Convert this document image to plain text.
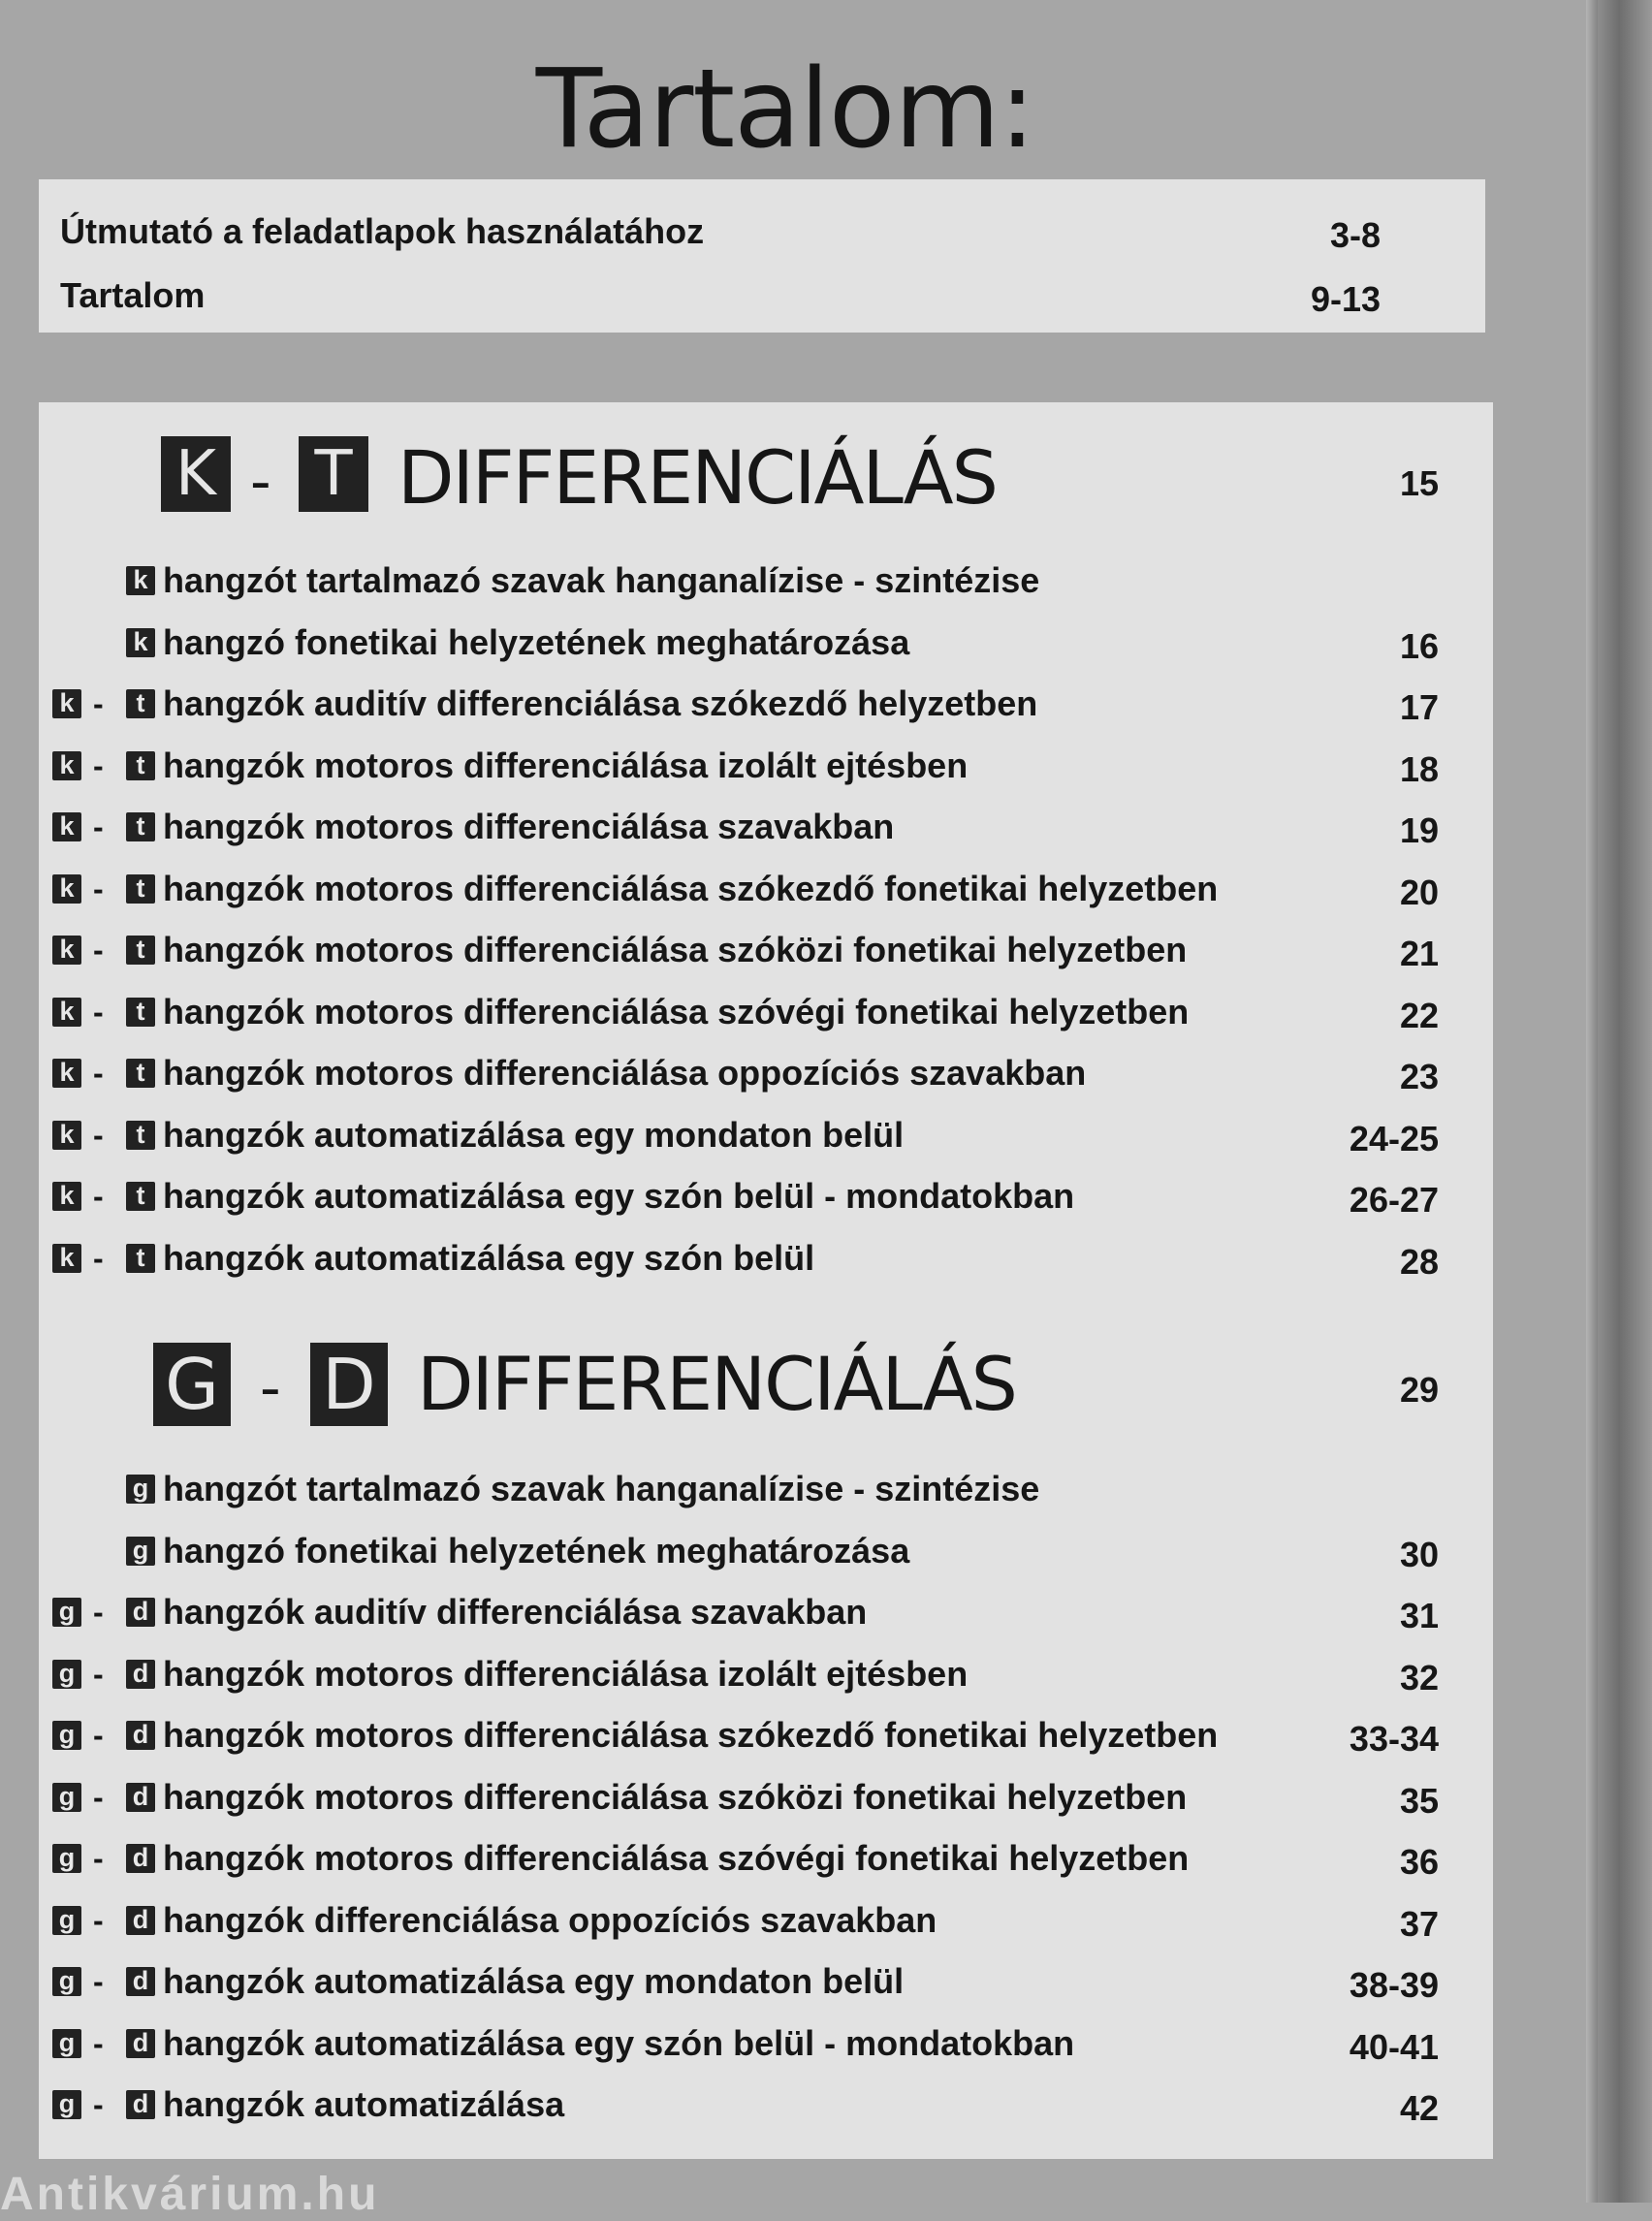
Tartalom:
Útmutató a feladatlapok használatához	3-8
Tartalom	9-13
K - T DIFFERENCIÁLÁS	15
k hangzót tartalmazó szavak hanganalízise - szintézise
k hangzó fonetikai helyzetének meghatározása	16
k -	t hangzók auditív differenciálása szókezdő helyzetben	17
k -	t hangzók motoros differenciálása izolált ejtésben	18
k -	t hangzók motoros differenciálása szavakban	19
k -	t hangzók motoros differenciálása szókezdő fonetikai helyzetben	20
k -	t hangzók motoros differenciálása szóközi fonetikai helyzetben	21
k -	t hangzók motoros differenciálása szóvégi fonetikai helyzetben	22
k -	t hangzók motoros differenciálása oppozíciós szavakban	23
k -	t hangzók automatizálása egy mondaton belül	24-25
k -	t hangzók automatizálása egy szón belül - mondatokban	26-27
k -	t hangzók automatizálása egy szón belül	28
G - D DIFFERENCIÁLÁS	29
g hangzót tartalmazó szavak hanganalízise - szintézise
g hangzó fonetikai helyzetének meghatározása	30
g - d hangzók auditív differenciálása szavakban	31
g - d hangzók motoros differenciálása izolált ejtésben	32
g - d hangzók motoros differenciálása szókezdő fonetikai helyzetben	33-34
g - d hangzók motoros differenciálása szóközi fonetikai helyzetben	35
g - d hangzók motoros differenciálása szóvégi fonetikai helyzetben	36
g - d hangzók differenciálása oppozíciós szavakban	37
g - d hangzók automatizálása egy mondaton belül	38-39
g - d hangzók automatizálása egy szón belül - mondatokban	40-41
g - d hangzók automatizálása	42
Antikvárium.hu
